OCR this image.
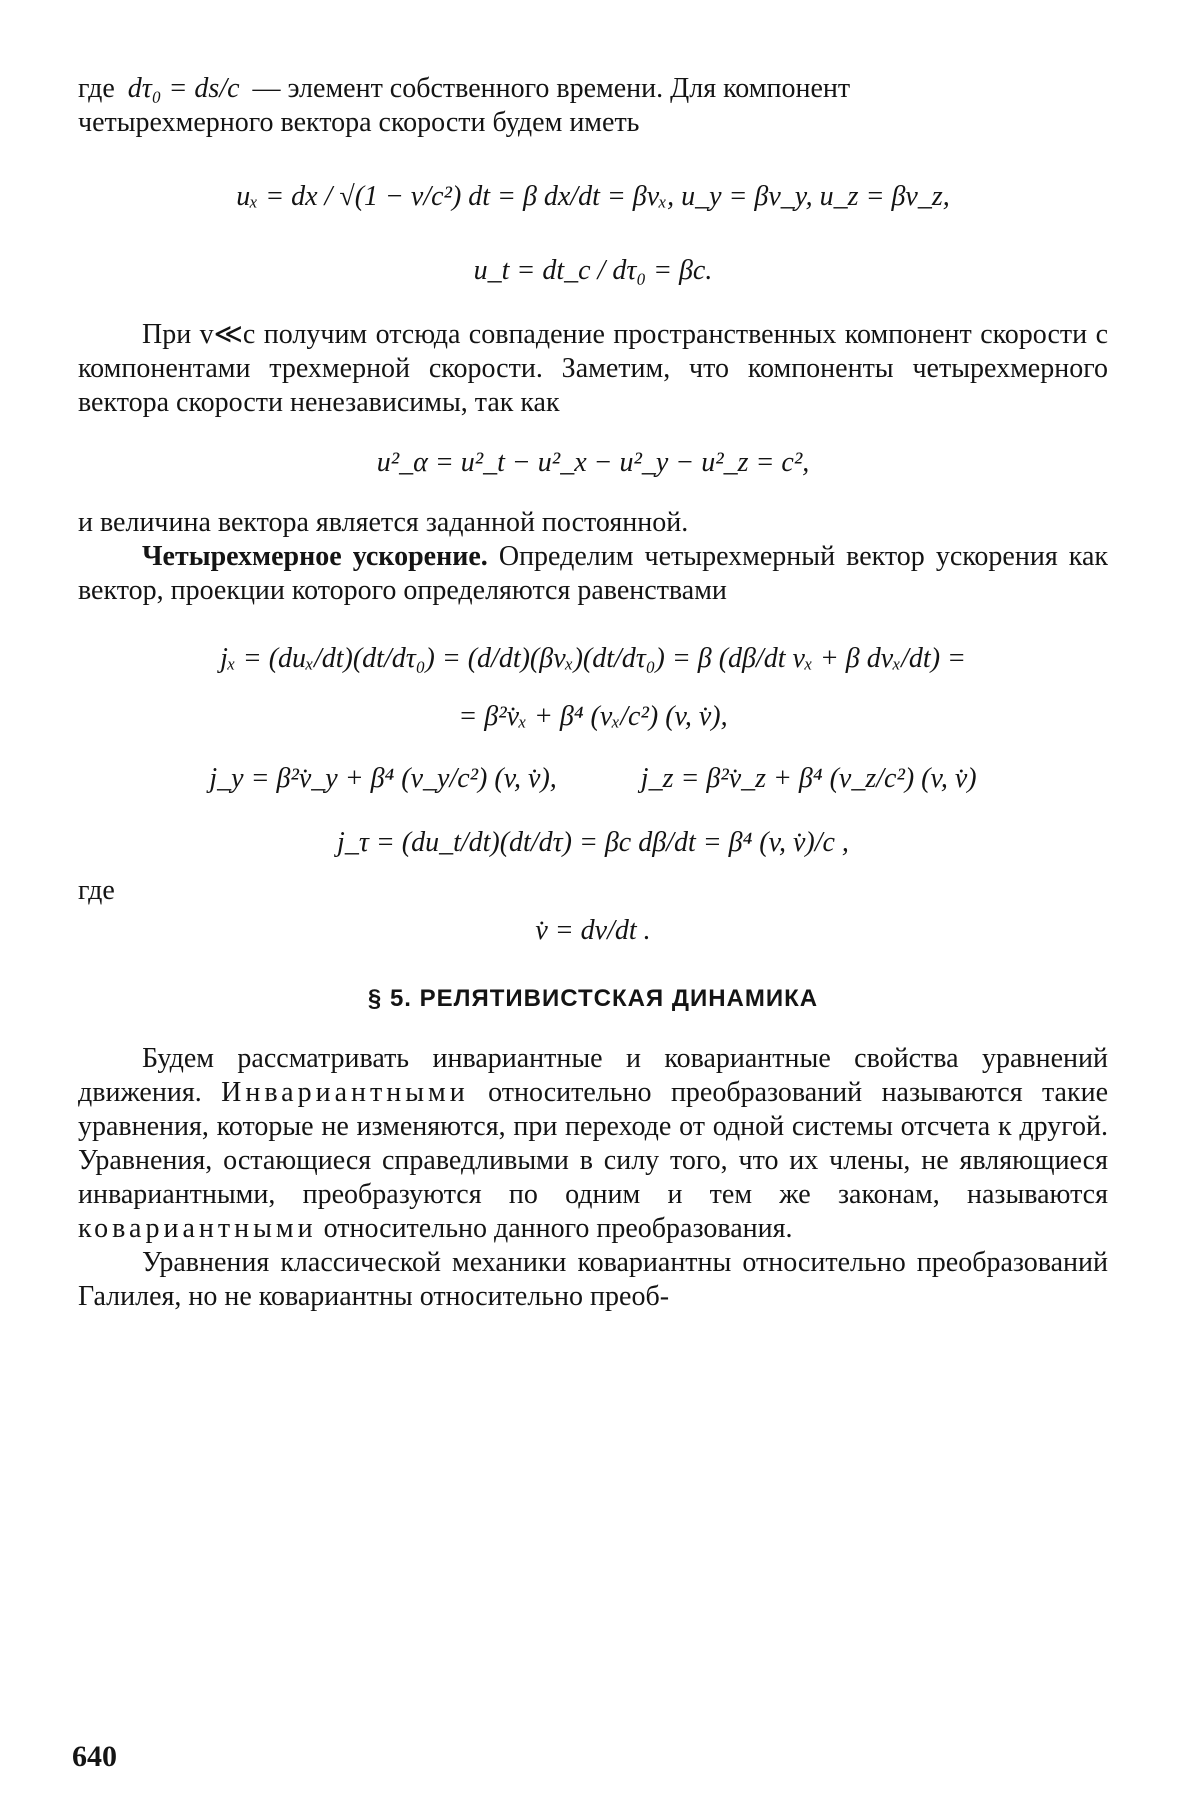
где dτ₀ = ds/c — элемент собственного времени. Для компонент

четырехмерного вектора скорости будем иметь

uₓ = dx / √(1 − v/c²) dt = β dx/dt = βvₓ, u_y = βv_y, u_z = βv_z,
u_t = dt_c / dτ₀ = βc.

При v≪c получим отсюда совпадение пространственных компонент скорости с компонентами трехмерной скорости. Заметим, что компоненты четырехмерного вектора скорости ненезависимы, так как

u²_α = u²_t − u²_x − u²_y − u²_z = c²,

и величина вектора является заданной постоянной.

Четырехмерное ускорение. Определим четырехмерный вектор ускорения как вектор, проекции которого определяются равенствами

jₓ = (duₓ/dt)(dt/dτ₀) = (d/dt)(βvₓ)(dt/dτ₀) = β (dβ/dt vₓ + β dvₓ/dt) =
= β²v̇ₓ + β⁴ (vₓ/c²) (v, v̇),
j_y = β²v̇_y + β⁴ (v_y/c²) (v, v̇),	j_z = β²v̇_z + β⁴ (v_z/c²) (v, v̇)
j_τ = (du_t/dt)(dt/dτ) = βc dβ/dt = β⁴ (v, v̇)/c ,

где

v̇ = dv/dt .
§ 5. РЕЛЯТИВИСТСКАЯ ДИНАМИКА

Будем рассматривать инвариантные и ковариантные свойства уравнений движения. Инвариантными относительно преобразований называются такие уравнения, которые не изменяются, при переходе от одной системы отсчета к другой. Уравнения, остающиеся справедливыми в силу того, что их члены, не являющиеся инвариантными, преобразуются по одним и тем же законам, называются ковариантными относительно данного преобразования.

Уравнения классической механики ковариантны относительно преобразований Галилея, но не ковариантны относительно преоб-

640
